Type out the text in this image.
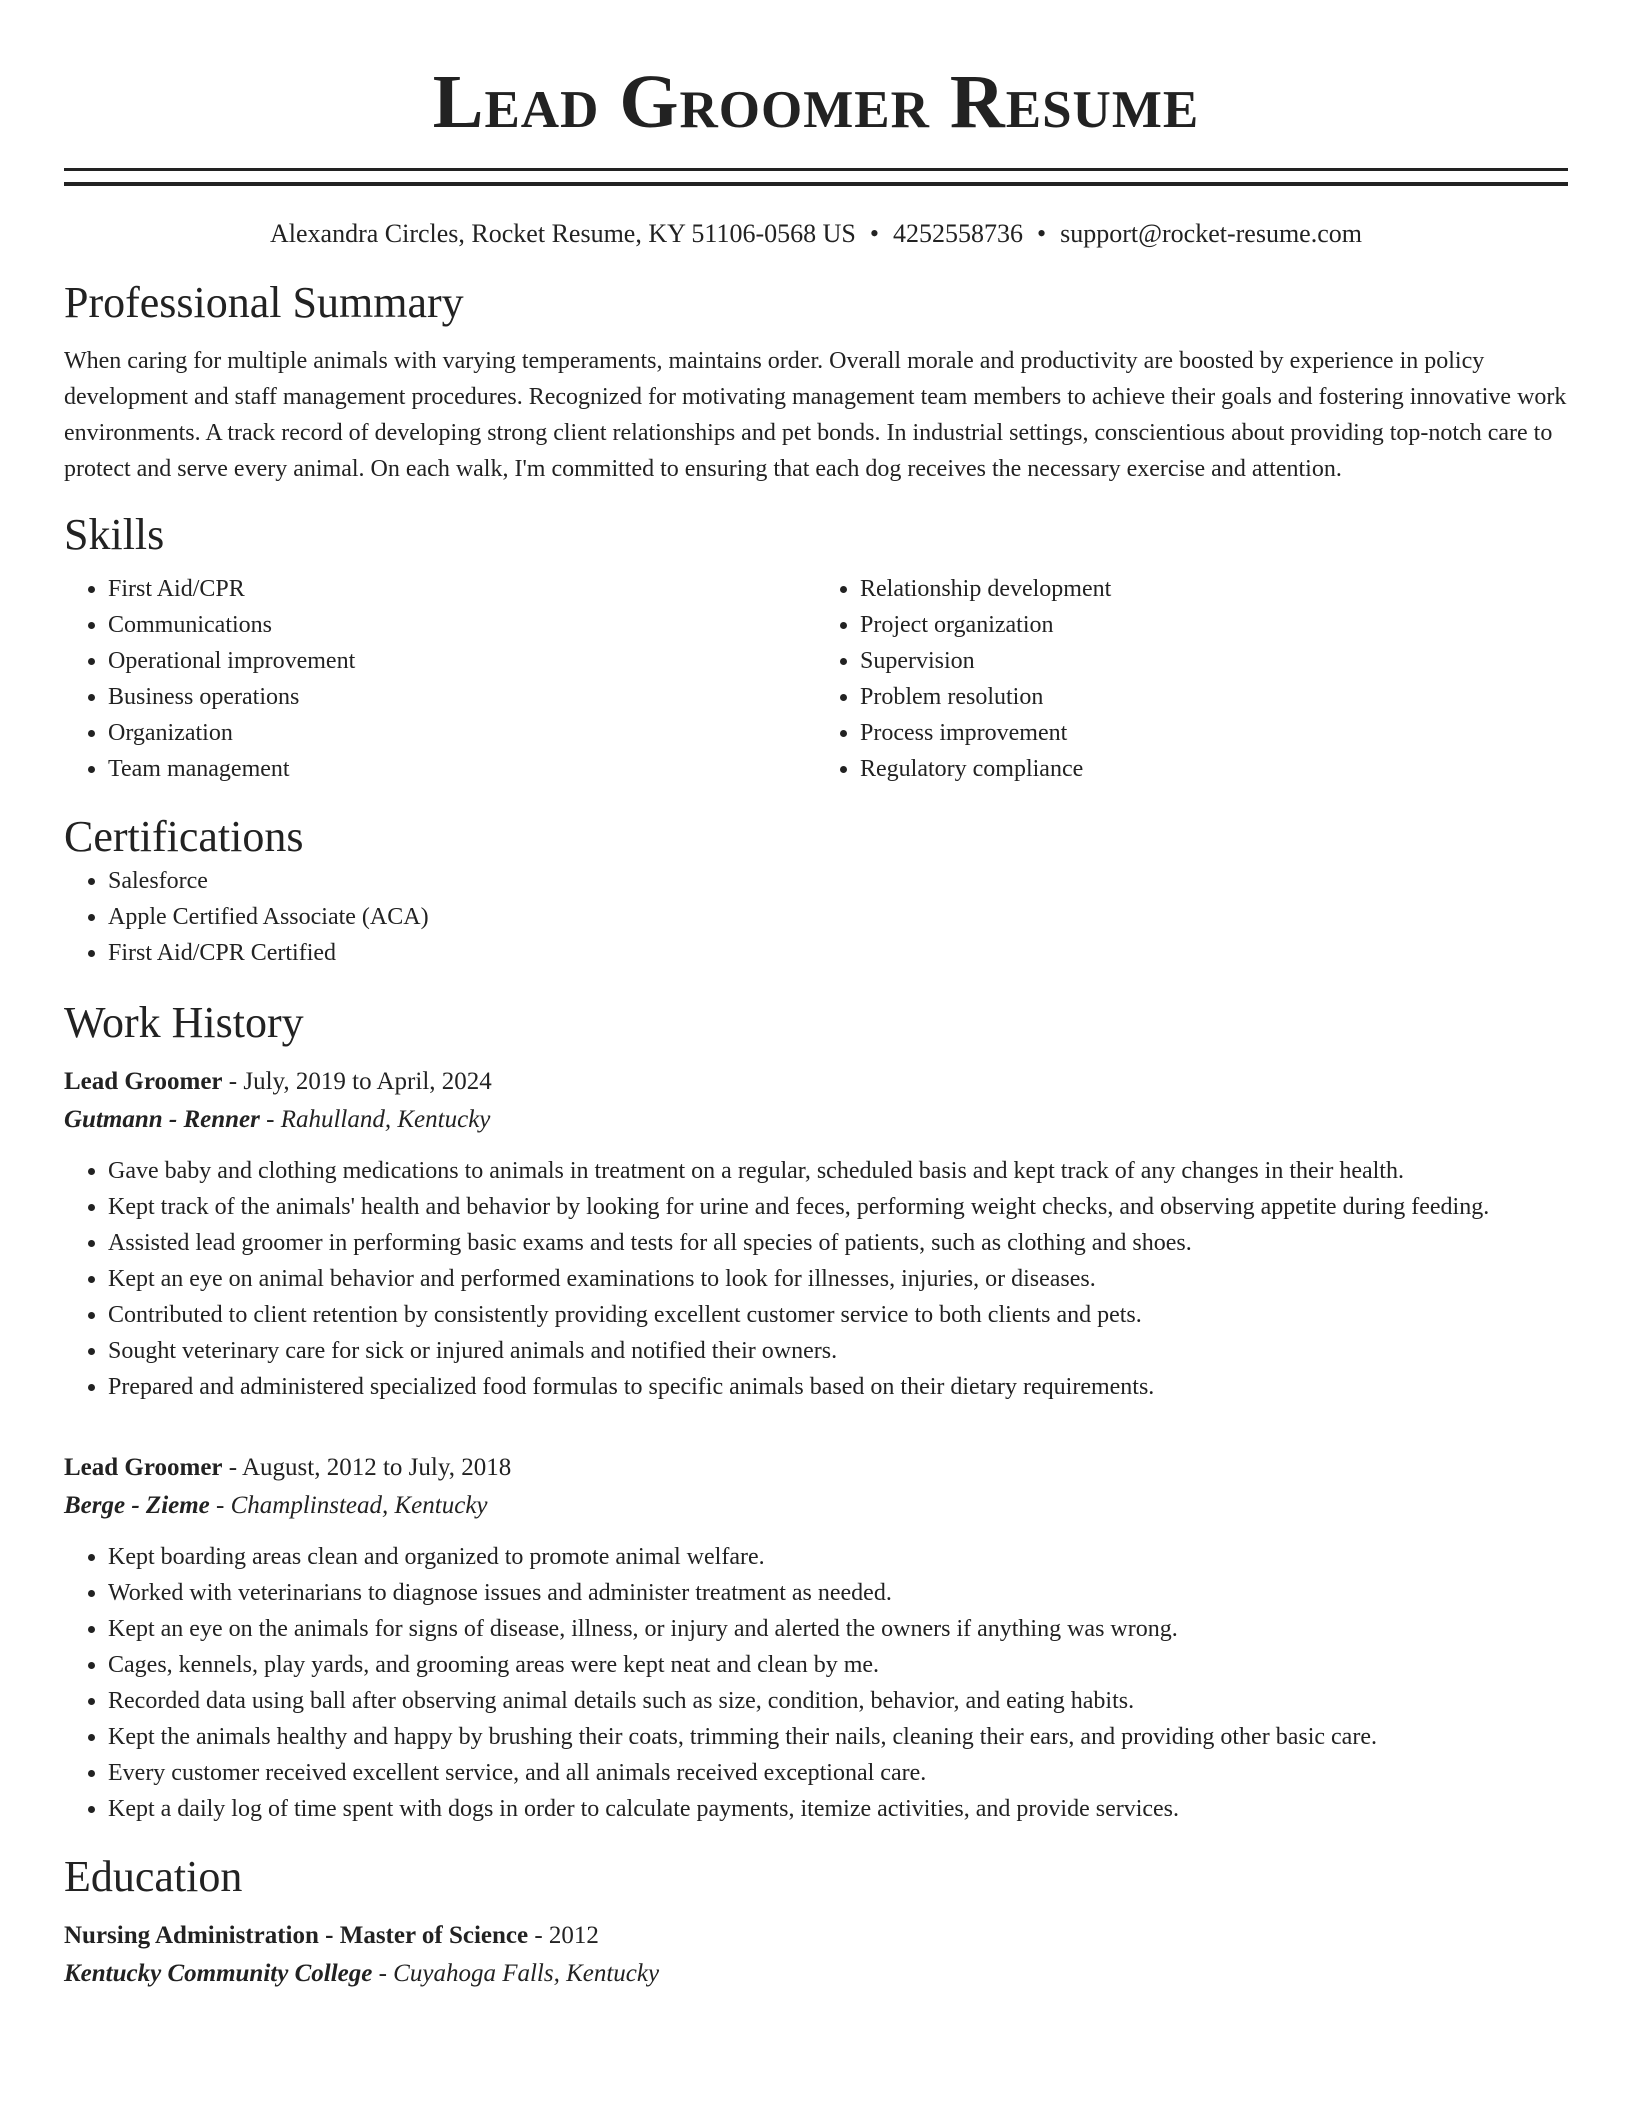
Lead Groomer Resume
Alexandra Circles, Rocket Resume, KY 51106-0568 US • 4252558736 • support@rocket-resume.com
Professional Summary
When caring for multiple animals with varying temperaments, maintains order. Overall morale and productivity are boosted by experience in policy development and staff management procedures. Recognized for motivating management team members to achieve their goals and fostering innovative work environments. A track record of developing strong client relationships and pet bonds. In industrial settings, conscientious about providing top-notch care to protect and serve every animal. On each walk, I'm committed to ensuring that each dog receives the necessary exercise and attention.
Skills
• First Aid/CPR
• Communications
• Operational improvement
• Business operations
• Organization
• Team management
• Relationship development
• Project organization
• Supervision
• Problem resolution
• Process improvement
• Regulatory compliance
Certifications
• Salesforce
• Apple Certified Associate (ACA)
• First Aid/CPR Certified
Work History
Lead Groomer - July, 2019 to April, 2024
Gutmann - Renner - Rahulland, Kentucky
• Gave baby and clothing medications to animals in treatment on a regular, scheduled basis and kept track of any changes in their health.
• Kept track of the animals' health and behavior by looking for urine and feces, performing weight checks, and observing appetite during feeding.
• Assisted lead groomer in performing basic exams and tests for all species of patients, such as clothing and shoes.
• Kept an eye on animal behavior and performed examinations to look for illnesses, injuries, or diseases.
• Contributed to client retention by consistently providing excellent customer service to both clients and pets.
• Sought veterinary care for sick or injured animals and notified their owners.
• Prepared and administered specialized food formulas to specific animals based on their dietary requirements.
Lead Groomer - August, 2012 to July, 2018
Berge - Zieme - Champlinstead, Kentucky
• Kept boarding areas clean and organized to promote animal welfare.
• Worked with veterinarians to diagnose issues and administer treatment as needed.
• Kept an eye on the animals for signs of disease, illness, or injury and alerted the owners if anything was wrong.
• Cages, kennels, play yards, and grooming areas were kept neat and clean by me.
• Recorded data using ball after observing animal details such as size, condition, behavior, and eating habits.
• Kept the animals healthy and happy by brushing their coats, trimming their nails, cleaning their ears, and providing other basic care.
• Every customer received excellent service, and all animals received exceptional care.
• Kept a daily log of time spent with dogs in order to calculate payments, itemize activities, and provide services.
Education
Nursing Administration - Master of Science - 2012
Kentucky Community College - Cuyahoga Falls, Kentucky
